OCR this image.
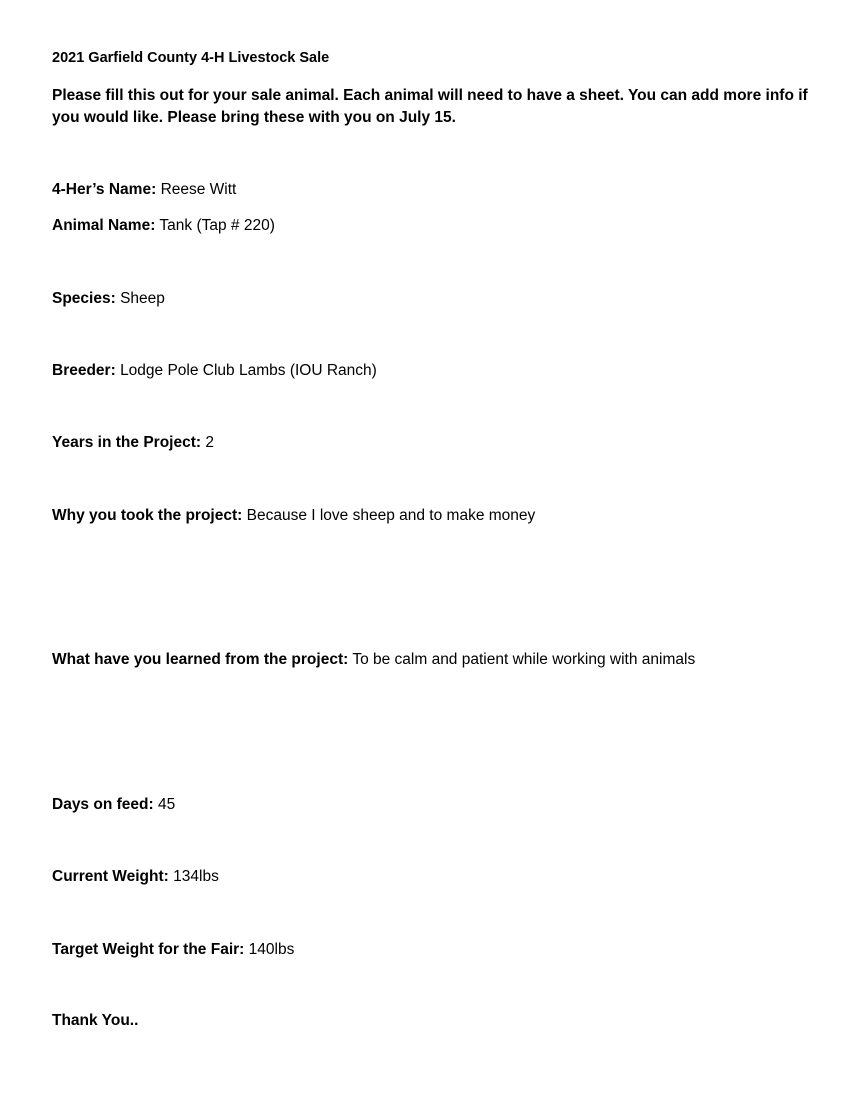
2021 Garfield County 4-H Livestock Sale

Please fill this out for your sale animal. Each animal will need to have a sheet. You can add more info if you would like. Please bring these with you on July 15.

4-Her’s Name: Reese Witt

Animal Name: Tank (Tap # 220)

Species: Sheep

Breeder: Lodge Pole Club Lambs (IOU Ranch)

Years in the Project: 2

Why you took the project: Because I love sheep and to make money

What have you learned from the project: To be calm and patient while working with animals

Days on feed: 45

Current Weight: 134lbs

Target Weight for the Fair: 140lbs

Thank You..
